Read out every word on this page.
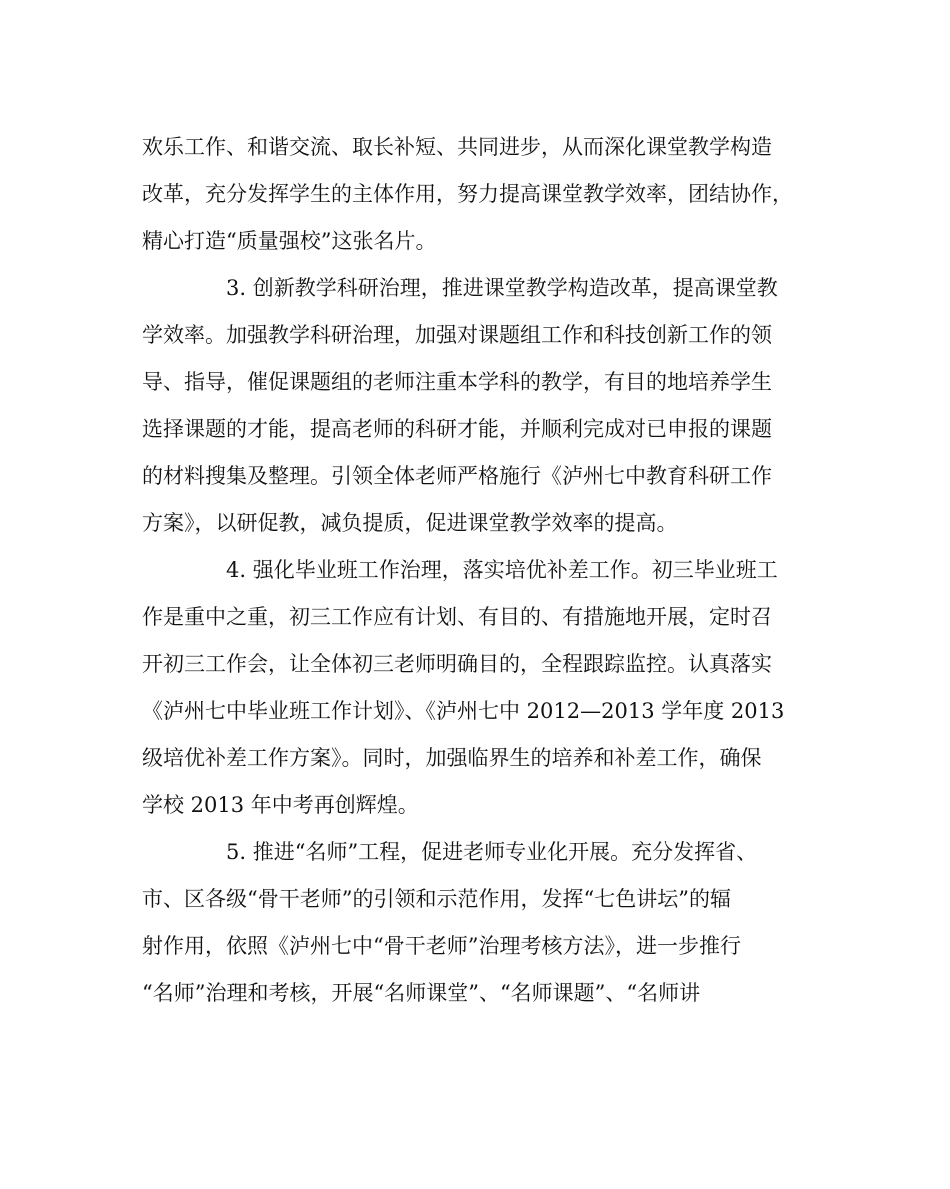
欢乐工作、和谐交流、取长补短、共同进步，从而深化课堂教学构造
改革，充分发挥学生的主体作用，努力提高课堂教学效率，团结协作，
精心打造“质量强校”这张名片。
3. 创新教学科研治理，推进课堂教学构造改革，提高课堂教
学效率。加强教学科研治理，加强对课题组工作和科技创新工作的领
导、指导，催促课题组的老师注重本学科的教学，有目的地培养学生
选择课题的才能，提高老师的科研才能，并顺利完成对已申报的课题
的材料搜集及整理。引领全体老师严格施行《泸州七中教育科研工作
方案》，以研促教，减负提质，促进课堂教学效率的提高。
4. 强化毕业班工作治理，落实培优补差工作。初三毕业班工
作是重中之重，初三工作应有计划、有目的、有措施地开展，定时召
开初三工作会，让全体初三老师明确目的，全程跟踪监控。认真落实
《泸州七中毕业班工作计划》、《泸州七中 2012—2013 学年度 2013
级培优补差工作方案》。同时，加强临界生的培养和补差工作，确保
学校 2013 年中考再创辉煌。
5. 推进“名师”工程，促进老师专业化开展。充分发挥省、
市、区各级“骨干老师”的引领和示范作用，发挥“七色讲坛”的辐
射作用，依照《泸州七中“骨干老师”治理考核方法》，进一步推行
“名师”治理和考核，开展“名师课堂”、“名师课题”、“名师讲
